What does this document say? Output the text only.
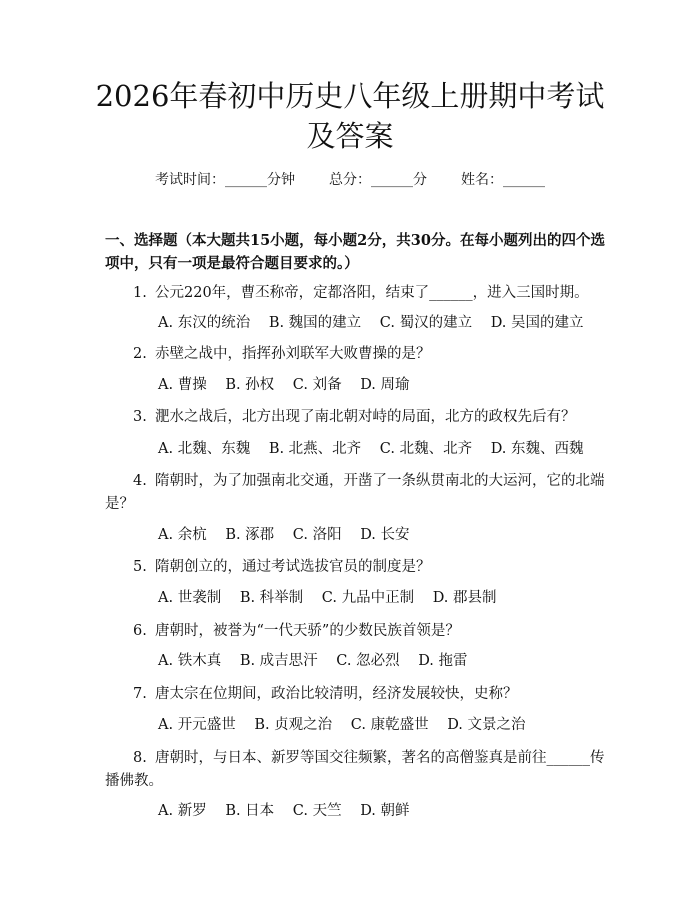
2026年春初中历史八年级上册期中考试及答案
考试时间：______分钟 总分：______分 姓名：______
一、选择题（本大题共15小题，每小题2分，共30分。在每小题列出的四个选项中，只有一项是最符合题目要求的。）
1. 公元220年，曹丕称帝，定都洛阳，结束了______，进入三国时期。
A. 东汉的统治 B. 魏国的建立 C. 蜀汉的建立 D. 吴国的建立
2. 赤壁之战中，指挥孙刘联军大败曹操的是？
A. 曹操 B. 孙权 C. 刘备 D. 周瑜
3. 淝水之战后，北方出现了南北朝对峙的局面，北方的政权先后有？
A. 北魏、东魏 B. 北燕、北齐 C. 北魏、北齐 D. 东魏、西魏
4. 隋朝时，为了加强南北交通，开凿了一条纵贯南北的大运河，它的北端是？
A. 余杭 B. 涿郡 C. 洛阳 D. 长安
5. 隋朝创立的，通过考试选拔官员的制度是？
A. 世袭制 B. 科举制 C. 九品中正制 D. 郡县制
6. 唐朝时，被誉为“一代天骄”的少数民族首领是？
A. 铁木真 B. 成吉思汗 C. 忽必烈 D. 拖雷
7. 唐太宗在位期间，政治比较清明，经济发展较快，史称？
A. 开元盛世 B. 贞观之治 C. 康乾盛世 D. 文景之治
8. 唐朝时，与日本、新罗等国交往频繁，著名的高僧鉴真是前往______传播佛教。
A. 新罗 B. 日本 C. 天竺 D. 朝鲜
